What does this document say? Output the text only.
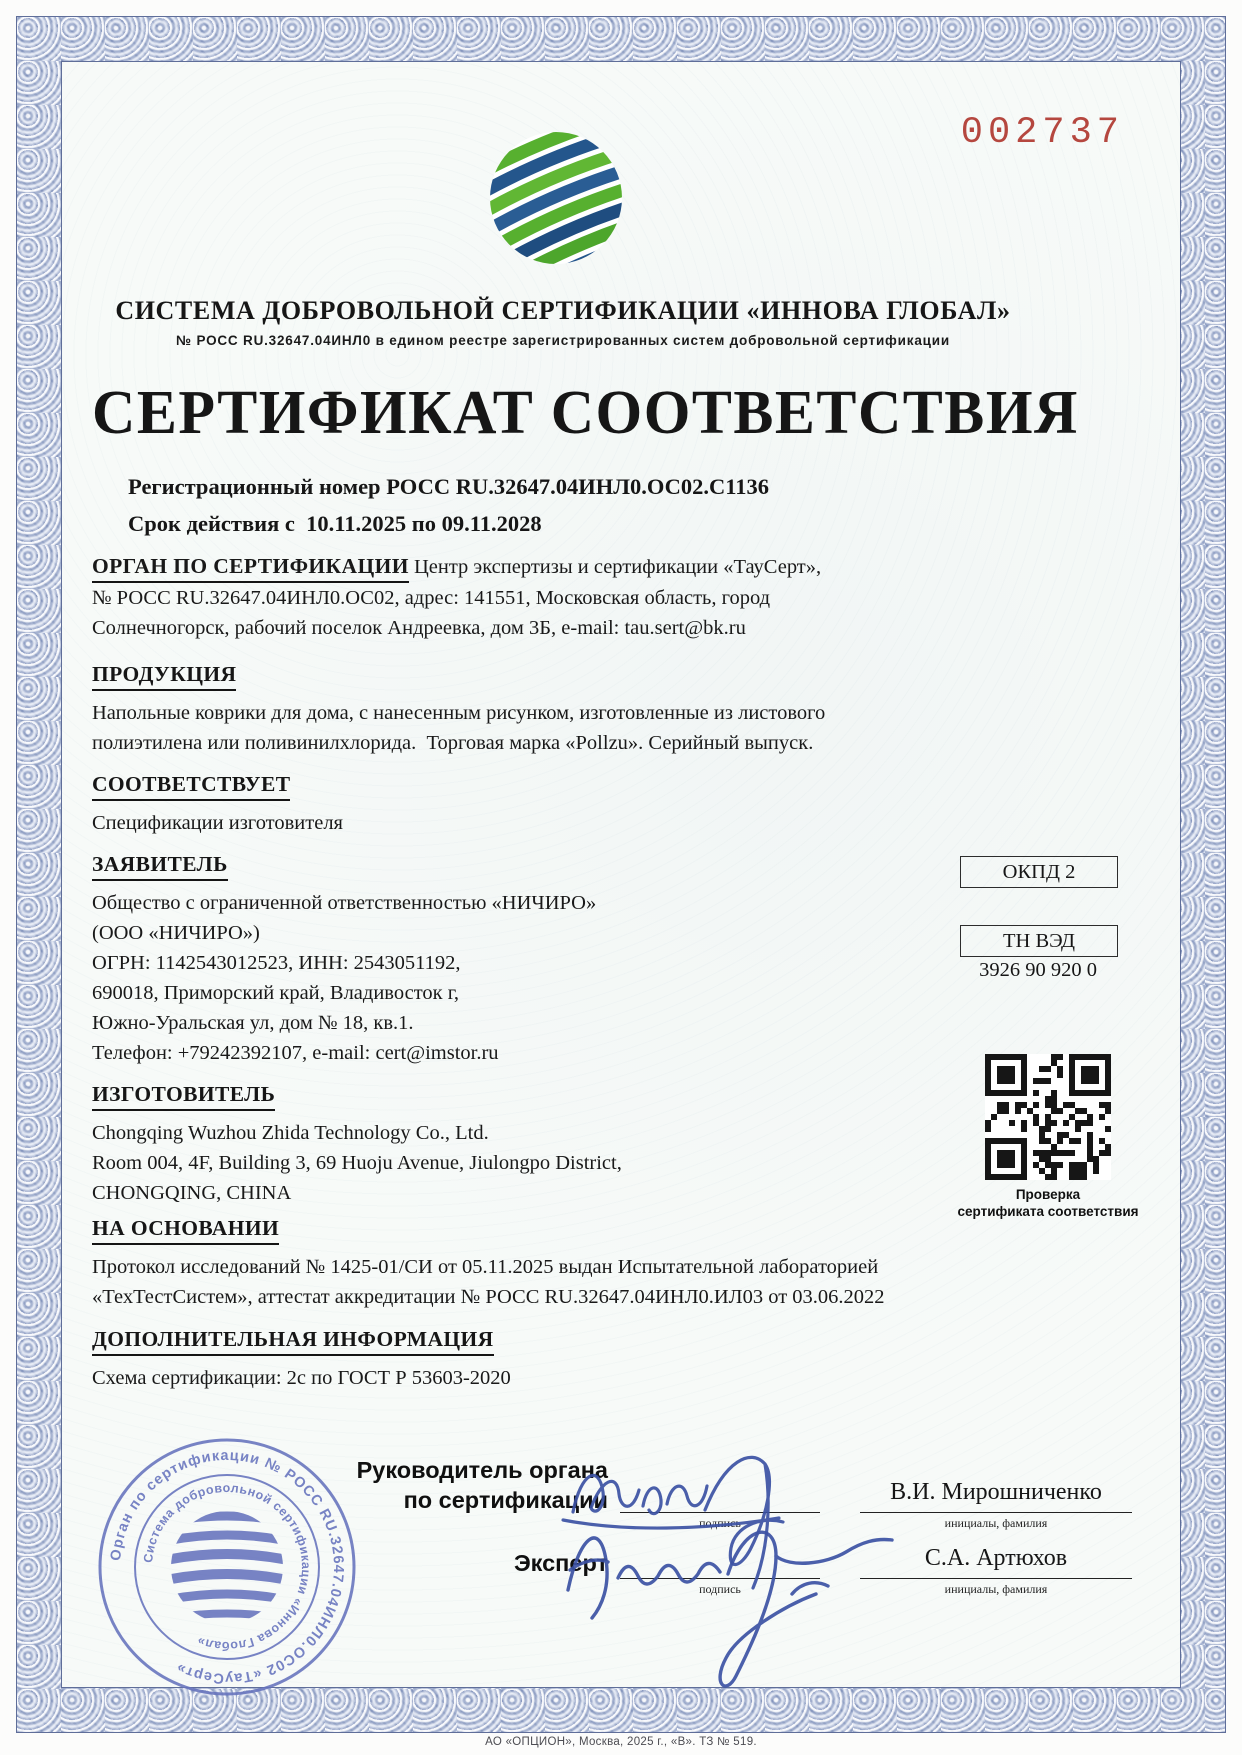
002737
СИСТЕМА ДОБРОВОЛЬНОЙ СЕРТИФИКАЦИИ «ИННОВА ГЛОБАЛ»
№ РОСС RU.32647.04ИНЛ0 в едином реестре зарегистрированных систем добровольной сертификации
СЕРТИФИКАТ СООТВЕТСТВИЯ
Регистрационный номер РОСС RU.32647.04ИНЛ0.ОС02.С1136
Срок действия с  10.11.2025 по 09.11.2028
ОРГАН ПО СЕРТИФИКАЦИИ Центр экспертизы и сертификации «ТауСерт»,
№ РОСС RU.32647.04ИНЛ0.ОС02, адрес: 141551, Московская область, город
Солнечногорск, рабочий поселок Андреевка, дом 3Б, e-mail: tau.sert@bk.ru
ПРОДУКЦИЯ
Напольные коврики для дома, с нанесенным рисунком, изготовленные из листового
полиэтилена или поливинилхлорида.  Торговая марка «Pollzu». Серийный выпуск.
СООТВЕТСТВУЕТ
Спецификации изготовителя
ЗАЯВИТЕЛЬ
Общество с ограниченной ответственностью «НИЧИРО»
(ООО «НИЧИРО»)
ОГРН: 1142543012523, ИНН: 2543051192,
690018, Приморский край, Владивосток г,
Южно-Уральская ул, дом № 18, кв.1.
Телефон: +79242392107, e-mail: cert@imstor.ru
ИЗГОТОВИТЕЛЬ
Chongqing Wuzhou Zhida Technology Co., Ltd.
Room 004, 4F, Building 3, 69 Huoju Avenue, Jiulongpo District,
CHONGQING, CHINA
НА ОСНОВАНИИ
Протокол исследований № 1425-01/СИ от 05.11.2025 выдан Испытательной лабораторией
«ТехТестСистем», аттестат аккредитации № РОСС RU.32647.04ИНЛ0.ИЛ03 от 03.06.2022
ДОПОЛНИТЕЛЬНАЯ ИНФОРМАЦИЯ
Схема сертификации: 2с по ГОСТ Р 53603-2020
ОКПД 2
ТН ВЭД
3926 90 920 0
Проверка
сертификата соответствия
Орган по сертификации № РОСС RU.32647.04ИНЛ0.ОС02 «ТауСерт»
Система добровольной сертификации «Иннова Глобал»
Руководитель органа
по сертификации
подпись
В.И. Мирошниченко
инициалы, фамилия
Эксперт
подпись
С.А. Артюхов
инициалы, фамилия
АО «ОПЦИОН», Москва, 2025 г., «В». ТЗ № 519.
